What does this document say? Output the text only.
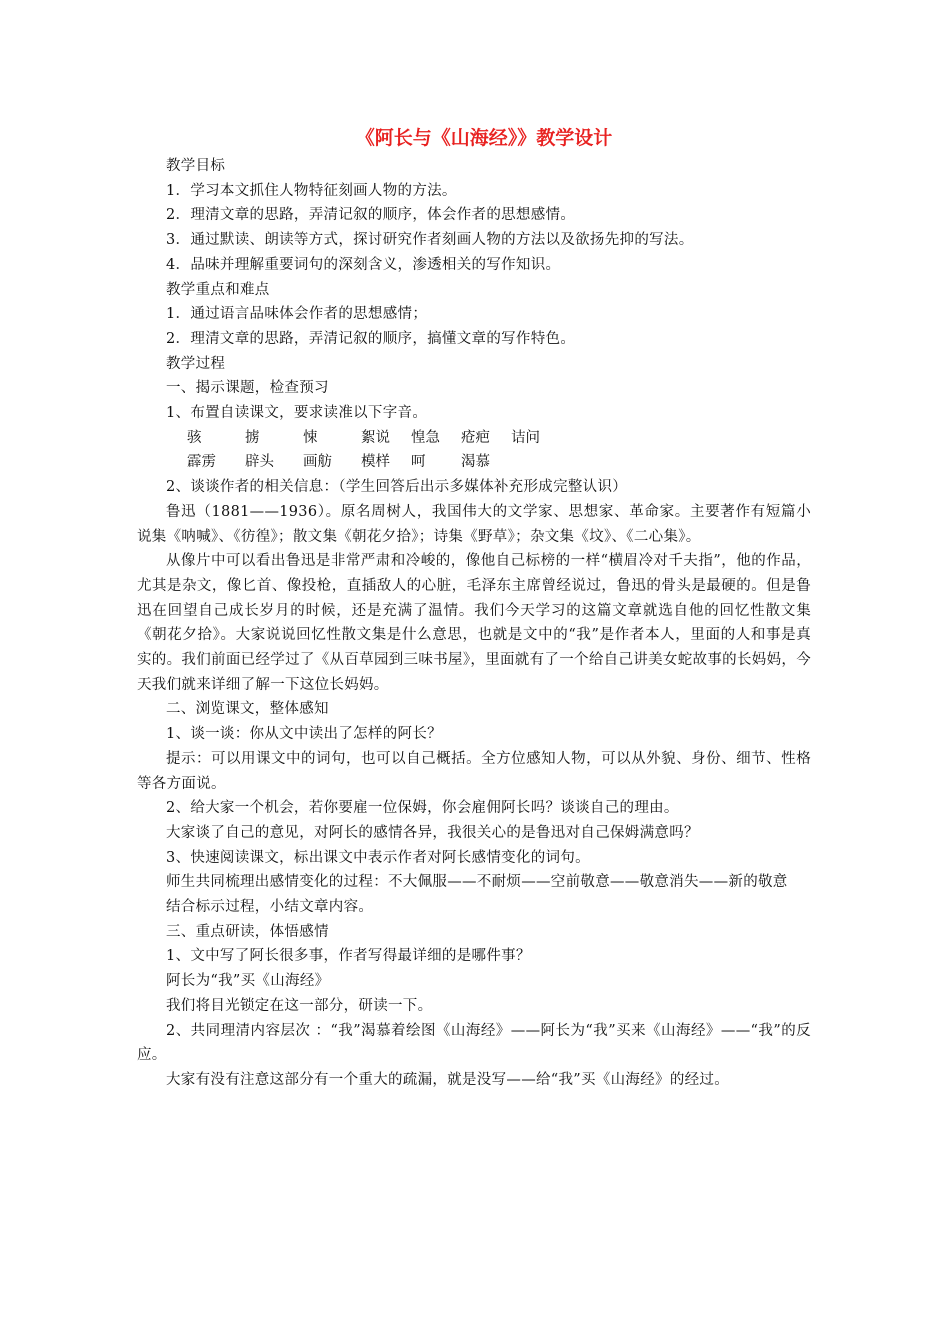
《阿长与《山海经》》教学设计

教学目标

1．学习本文抓住人物特征刻画人物的方法。

2．理清文章的思路，弄清记叙的顺序，体会作者的思想感情。

3．通过默读、朗读等方式，探讨研究作者刻画人物的方法以及欲扬先抑的写法。

4．品味并理解重要词句的深刻含义，渗透相关的写作知识。

教学重点和难点

1．通过语言品味体会作者的思想感情；

2．理清文章的思路，弄清记叙的顺序，搞懂文章的写作特色。

教学过程

一、揭示课题，检查预习

1、布置自读课文，要求读准以下字音。

骇	掳	悚	絮说	惶急	疮疤	诘问
霹雳	辟头	画舫	模样	呵	渴慕

2、谈谈作者的相关信息：（学生回答后出示多媒体补充形成完整认识）

鲁迅（1881——1936）。原名周树人，我国伟大的文学家、思想家、革命家。主要著作有短篇小说集《呐喊》、《彷徨》；散文集《朝花夕拾》；诗集《野草》；杂文集《坟》、《二心集》。

从像片中可以看出鲁迅是非常严肃和冷峻的，像他自己标榜的一样“横眉冷对千夫指”，他的作品，尤其是杂文，像匕首、像投枪，直插敌人的心脏，毛泽东主席曾经说过，鲁迅的骨头是最硬的。但是鲁迅在回望自己成长岁月的时候，还是充满了温情。我们今天学习的这篇文章就选自他的回忆性散文集《朝花夕拾》。大家说说回忆性散文集是什么意思，也就是文中的“我”是作者本人，里面的人和事是真实的。我们前面已经学过了《从百草园到三味书屋》，里面就有了一个给自己讲美女蛇故事的长妈妈，今天我们就来详细了解一下这位长妈妈。

二、浏览课文，整体感知

1、谈一谈：你从文中读出了怎样的阿长？

提示：可以用课文中的词句，也可以自己概括。全方位感知人物，可以从外貌、身份、细节、性格等各方面说。

2、给大家一个机会，若你要雇一位保姆，你会雇佣阿长吗？谈谈自己的理由。

大家谈了自己的意见，对阿长的感情各异，我很关心的是鲁迅对自己保姆满意吗？

3、快速阅读课文，标出课文中表示作者对阿长感情变化的词句。

师生共同梳理出感情变化的过程：不大佩服——不耐烦——空前敬意——敬意消失——新的敬意

结合标示过程，小结文章内容。

三、重点研读，体悟感情

1、文中写了阿长很多事，作者写得最详细的是哪件事？

阿长为“我”买《山海经》

我们将目光锁定在这一部分，研读一下。

2、共同理清内容层次 ：“我”渴慕着绘图《山海经》——阿长为“我”买来《山海经》——“我”的反应。

大家有没有注意这部分有一个重大的疏漏，就是没写——给“我”买《山海经》的经过。
